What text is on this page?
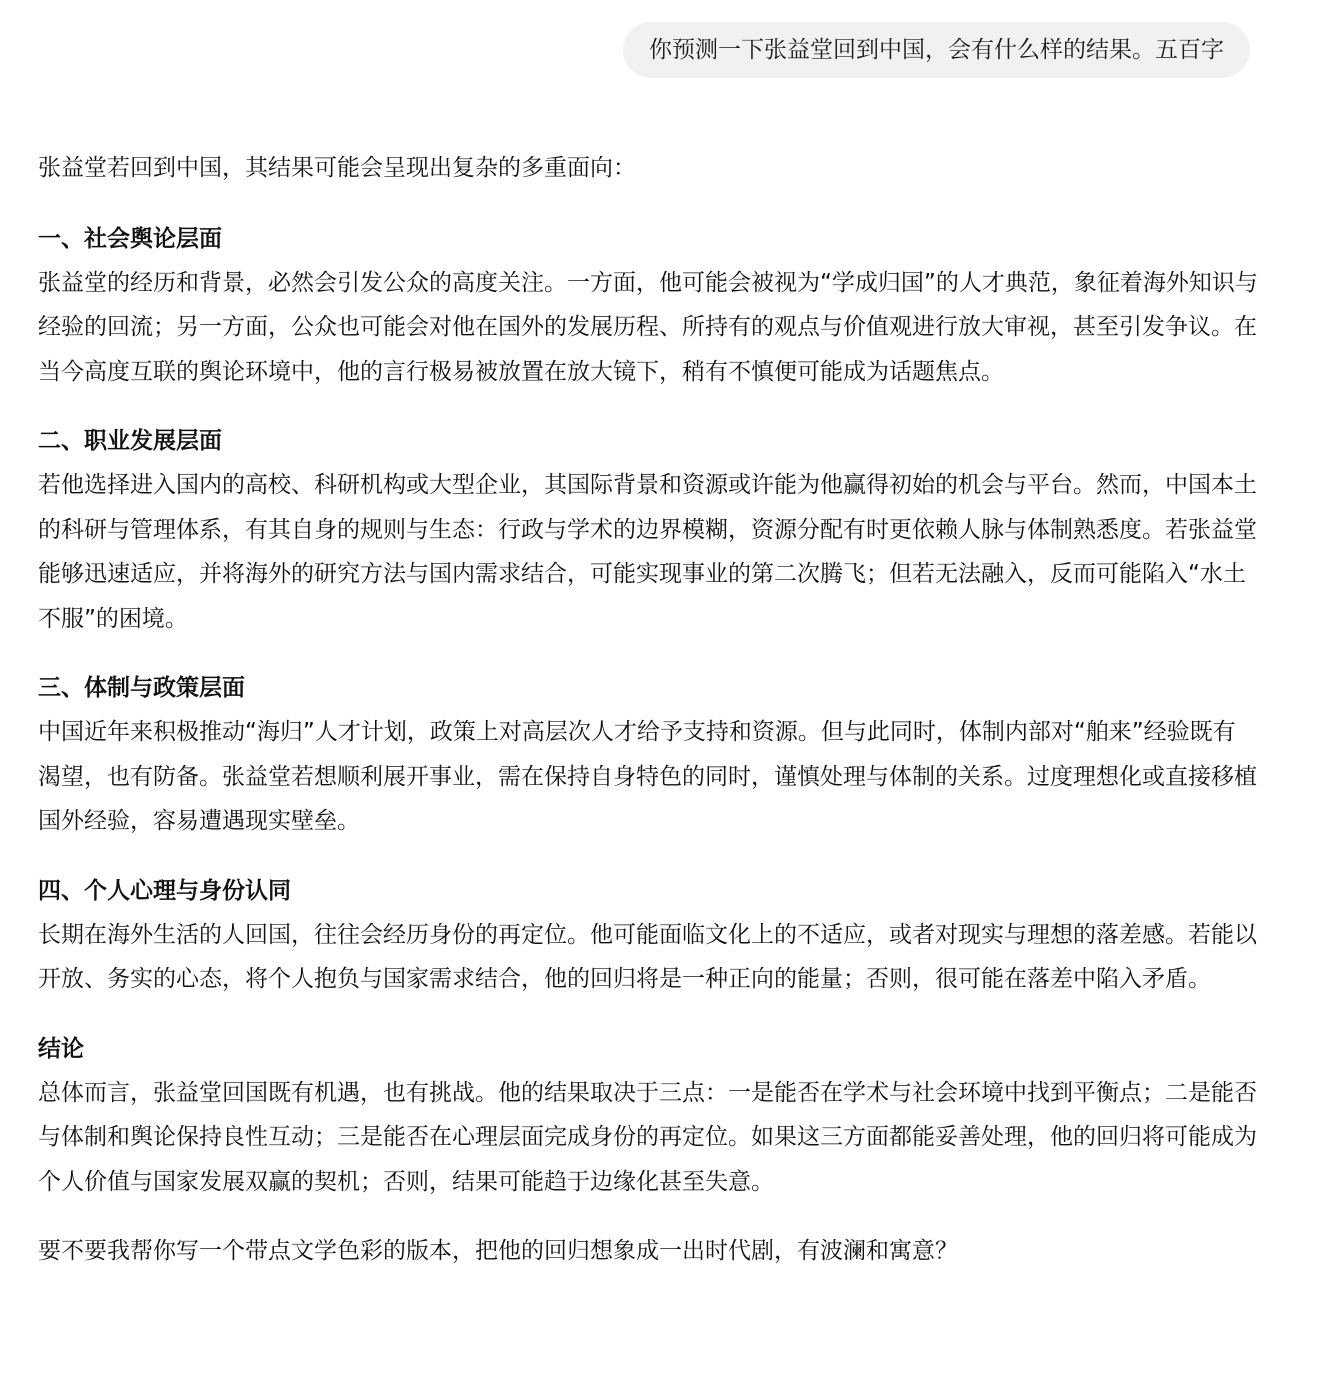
你预测一下张益堂回到中国，会有什么样的结果。五百字

张益堂若回到中国，其结果可能会呈现出复杂的多重面向：

一、社会舆论层面

张益堂的经历和背景，必然会引发公众的高度关注。一方面，他可能会被视为“学成归国”的人才典范，象征着海外知识与经验的回流；另一方面，公众也可能会对他在国外的发展历程、所持有的观点与价值观进行放大审视，甚至引发争议。在当今高度互联的舆论环境中，他的言行极易被放置在放大镜下，稍有不慎便可能成为话题焦点。

二、职业发展层面

若他选择进入国内的高校、科研机构或大型企业，其国际背景和资源或许能为他赢得初始的机会与平台。然而，中国本土的科研与管理体系，有其自身的规则与生态：行政与学术的边界模糊，资源分配有时更依赖人脉与体制熟悉度。若张益堂能够迅速适应，并将海外的研究方法与国内需求结合，可能实现事业的第二次腾飞；但若无法融入，反而可能陷入“水土不服”的困境。

三、体制与政策层面

中国近年来积极推动“海归”人才计划，政策上对高层次人才给予支持和资源。但与此同时，体制内部对“舶来”经验既有渴望，也有防备。张益堂若想顺利展开事业，需在保持自身特色的同时，谨慎处理与体制的关系。过度理想化或直接移植国外经验，容易遭遇现实壁垒。

四、个人心理与身份认同

长期在海外生活的人回国，往往会经历身份的再定位。他可能面临文化上的不适应，或者对现实与理想的落差感。若能以开放、务实的心态，将个人抱负与国家需求结合，他的回归将是一种正向的能量；否则，很可能在落差中陷入矛盾。

结论

总体而言，张益堂回国既有机遇，也有挑战。他的结果取决于三点：一是能否在学术与社会环境中找到平衡点；二是能否与体制和舆论保持良性互动；三是能否在心理层面完成身份的再定位。如果这三方面都能妥善处理，他的回归将可能成为个人价值与国家发展双赢的契机；否则，结果可能趋于边缘化甚至失意。

要不要我帮你写一个带点文学色彩的版本，把他的回归想象成一出时代剧，有波澜和寓意？
